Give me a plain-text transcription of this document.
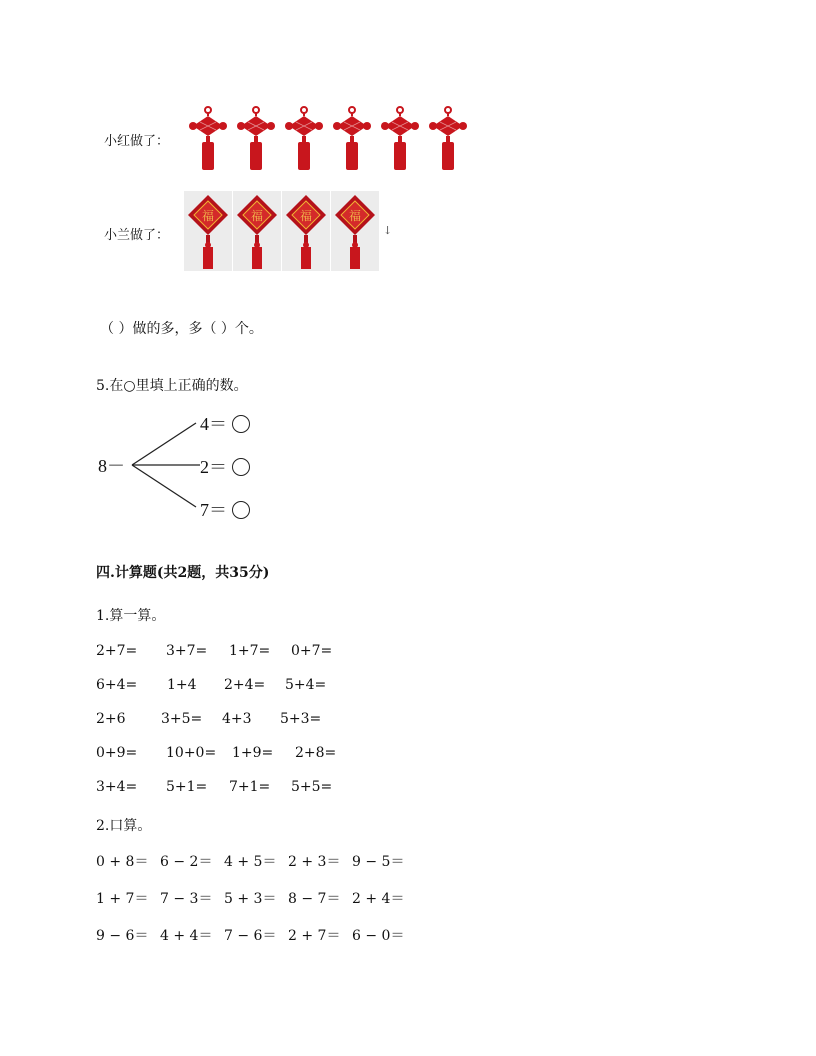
小红做了：
小兰做了：
福	福	福	福
↓
（ ）做的多，多（ ）个。
5.在○里填上正确的数。
8－
4＝
2＝
7＝
四.计算题(共2题，共35分)
1.算一算。
2+7= 3+7= 1+7= 0+7=
6+4= 1+4 2+4= 5+4=
2+6	3+5= 4+3 5+3=
0+9= 10+0= 1+9= 2+8=
3+4= 5+1= 7+1= 5+5=
2.口算。
0 + 8＝ 6 − 2＝ 4 + 5＝ 2 + 3＝ 9 − 5＝
1 + 7＝ 7 − 3＝ 5 + 3＝ 8 − 7＝ 2 + 4＝
9 − 6＝ 4 + 4＝ 7 − 6＝ 2 + 7＝ 6 − 0＝
